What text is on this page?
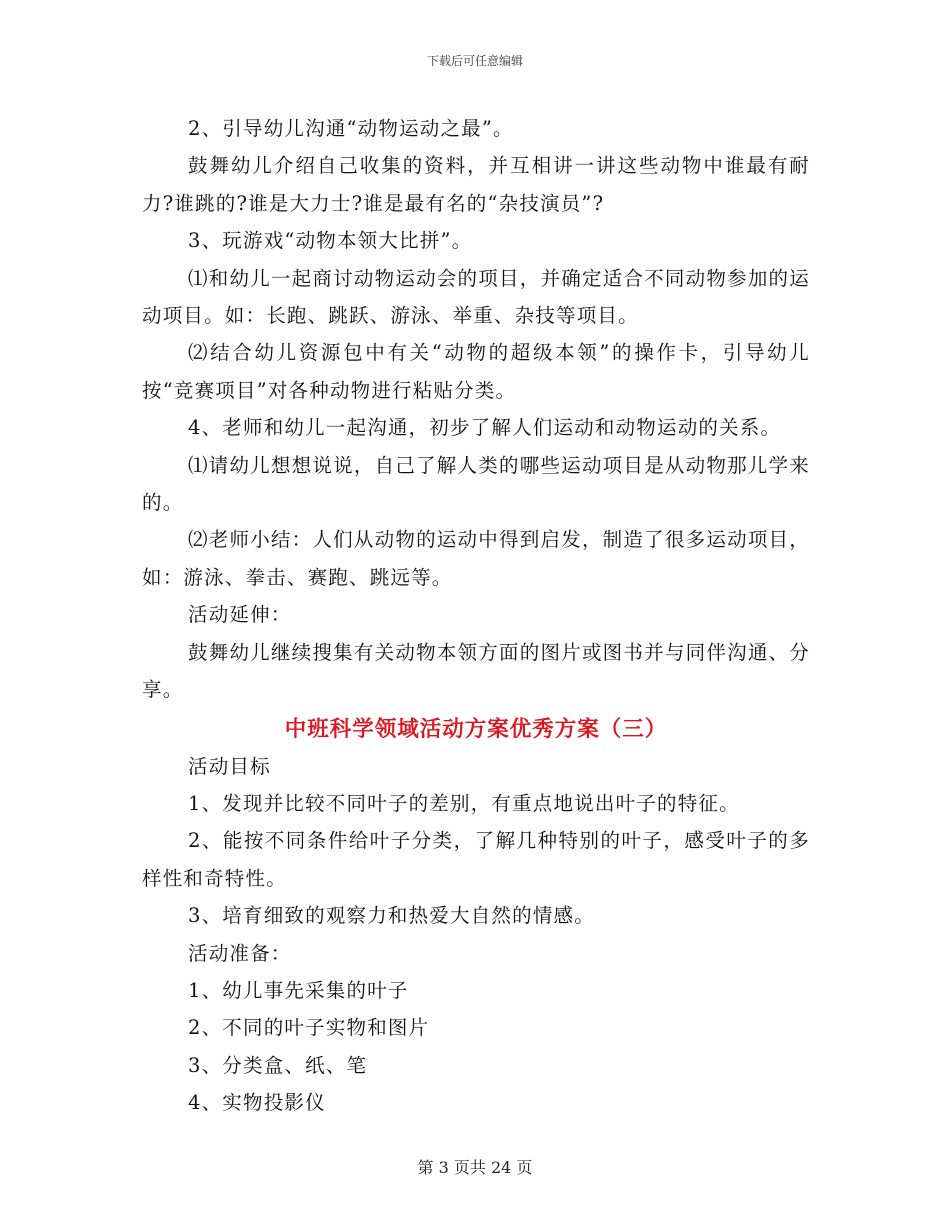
下载后可任意编辑

2、引导幼儿沟通“动物运动之最”。

鼓舞幼儿介绍自己收集的资料，并互相讲一讲这些动物中谁最有耐力?谁跳的?谁是大力士?谁是最有名的“杂技演员”?

3、玩游戏“动物本领大比拼”。

⑴和幼儿一起商讨动物运动会的项目，并确定适合不同动物参加的运动项目。如：长跑、跳跃、游泳、举重、杂技等项目。

⑵结合幼儿资源包中有关“动物的超级本领”的操作卡，引导幼儿按“竞赛项目”对各种动物进行粘贴分类。

4、老师和幼儿一起沟通，初步了解人们运动和动物运动的关系。

⑴请幼儿想想说说，自己了解人类的哪些运动项目是从动物那儿学来的。

⑵老师小结：人们从动物的运动中得到启发，制造了很多运动项目，如：游泳、拳击、赛跑、跳远等。

活动延伸：

鼓舞幼儿继续搜集有关动物本领方面的图片或图书并与同伴沟通、分享。

中班科学领域活动方案优秀方案（三）

活动目标

1、发现并比较不同叶子的差别，有重点地说出叶子的特征。

2、能按不同条件给叶子分类，了解几种特别的叶子，感受叶子的多样性和奇特性。

3、培育细致的观察力和热爱大自然的情感。

活动准备：

1、幼儿事先采集的叶子

2、不同的叶子实物和图片

3、分类盒、纸、笔

4、实物投影仪

第 3 页共 24 页
